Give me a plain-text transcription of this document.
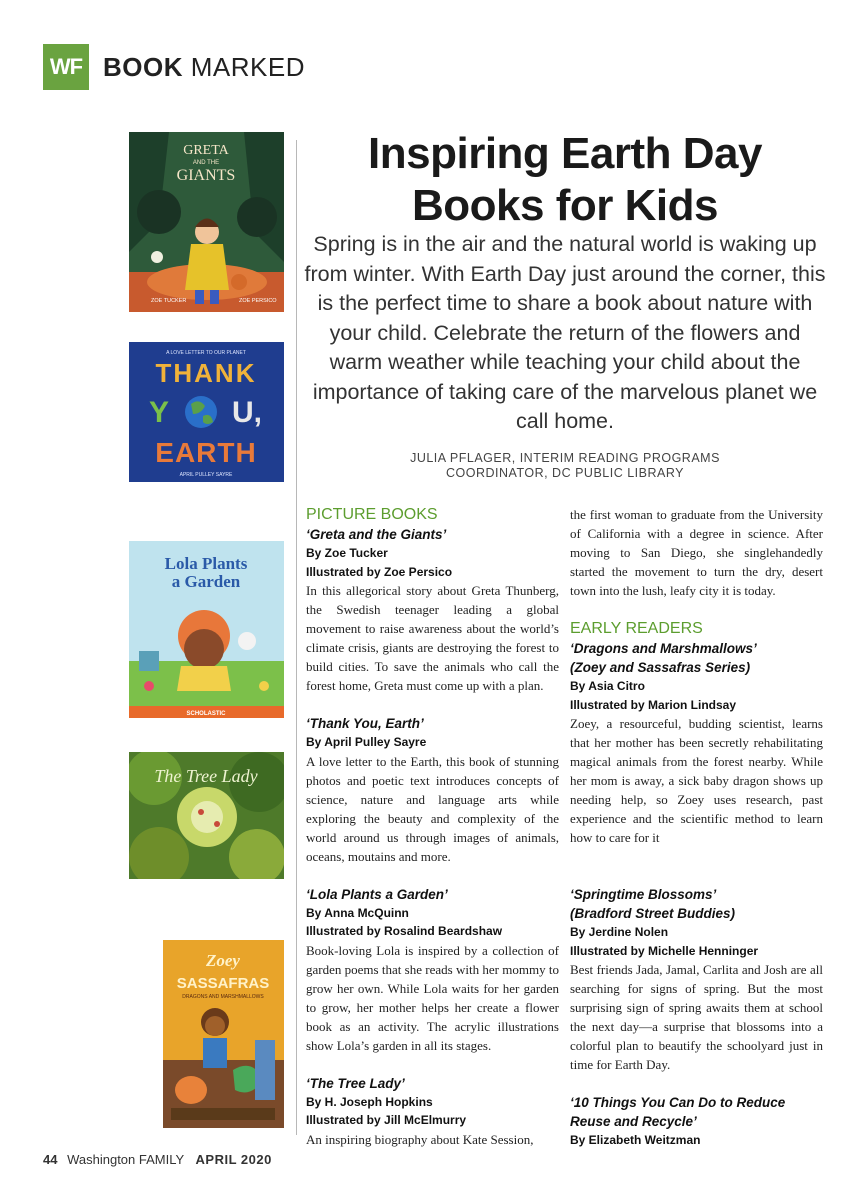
WF BOOK MARKED
GRETA
AND THE
GIANTS
ZOE TUCKER	ZOE PERSICO
A LOVE LETTER TO OUR PLANET
THANK
Y U,
EARTH
APRIL PULLEY SAYRE
Lola Plants
a Garden
SCHOLASTIC
The Tree Lady
Zoey
SASSAFRAS
DRAGONS AND MARSHMALLOWS
Inspiring Earth Day
Books for Kids

Spring is in the air and the natural world is waking up from winter. With Earth Day just around the corner, this is the perfect time to share a book about nature with your child. Celebrate the return of the flowers and warm weather while teaching your child about the importance of taking care of the marvelous planet we call home.

JULIA PFLAGER, INTERIM READING PROGRAMS
COORDINATOR, DC PUBLIC LIBRARY
PICTURE BOOKS
‘Greta and the Giants’
By Zoe Tucker
Illustrated by Zoe Persico

In this allegorical story about Greta Thunberg, the Swedish teenager leading a global movement to raise awareness about the world’s climate crisis, giants are destroying the forest to build cities. To save the animals who call the forest home, Greta must come up with a plan.

‘Thank You, Earth’
By April Pulley Sayre

A love letter to the Earth, this book of stunning photos and poetic text introduces concepts of science, nature and language arts while exploring the beauty and complexity of the world around us through images of animals, oceans, moutains and more.

‘Lola Plants a Garden’
By Anna McQuinn
Illustrated by Rosalind Beardshaw

Book-loving Lola is inspired by a collection of garden poems that she reads with her mommy to grow her own. While Lola waits for her garden to grow, her mother helps her create a flower book as an activity. The acrylic illustrations show Lola’s garden in all its stages.

‘The Tree Lady’
By H. Joseph Hopkins
Illustrated by Jill McElmurry

An inspiring biography about Kate Session,

the first woman to graduate from the University of California with a degree in science. After moving to San Diego, she singlehandedly started the movement to turn the dry, desert town into the lush, leafy city it is today.

EARLY READERS
‘Dragons and Marshmallows’
(Zoey and Sassafras Series)
By Asia Citro
Illustrated by Marion Lindsay

Zoey, a resourceful, budding scientist, learns that her mother has been secretly rehabilitating magical animals from the forest nearby. While her mom is away, a sick baby dragon shows up needing help, so Zoey uses research, past experience and the scientific method to learn how to care for it

‘Springtime Blossoms’
(Bradford Street Buddies)
By Jerdine Nolen
Illustrated by Michelle Henninger

Best friends Jada, Jamal, Carlita and Josh are all searching for signs of spring. But the most surprising sign of spring awaits them at school the next day—a surprise that blossoms into a colorful plan to beautify the schoolyard just in time for Earth Day.

‘10 Things You Can Do to Reduce
Reuse and Recycle’
By Elizabeth Weitzman
44 Washington FAMILY APRIL 2020
